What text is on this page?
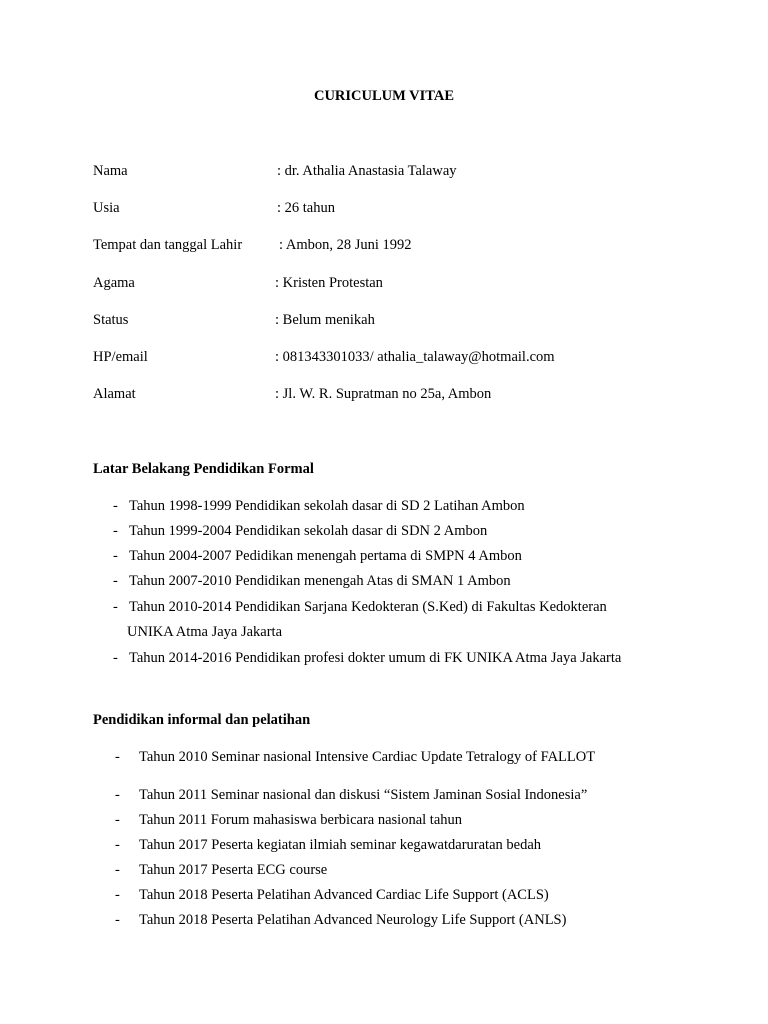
CURICULUM VITAE
Nama	: dr. Athalia Anastasia Talaway
Usia	: 26 tahun
Tempat dan tanggal Lahir	: Ambon, 28 Juni 1992
Agama	: Kristen Protestan
Status	: Belum menikah
HP/email	: 081343301033/ athalia_talaway@hotmail.com
Alamat	: Jl. W. R. Supratman no 25a, Ambon
Latar Belakang Pendidikan Formal
- Tahun 1998-1999 Pendidikan sekolah dasar di SD 2 Latihan Ambon
- Tahun 1999-2004 Pendidikan sekolah dasar di SDN 2 Ambon
- Tahun 2004-2007 Pedidikan menengah pertama di SMPN 4 Ambon
- Tahun 2007-2010 Pendidikan menengah Atas di SMAN 1 Ambon
- Tahun 2010-2014 Pendidikan Sarjana Kedokteran (S.Ked) di Fakultas Kedokteran
UNIKA Atma Jaya Jakarta
- Tahun 2014-2016 Pendidikan profesi dokter umum di FK UNIKA Atma Jaya Jakarta
Pendidikan informal dan pelatihan
- Tahun 2010 Seminar nasional Intensive Cardiac Update Tetralogy of FALLOT
- Tahun 2011 Seminar nasional dan diskusi “Sistem Jaminan Sosial Indonesia”
- Tahun 2011 Forum mahasiswa berbicara nasional tahun
- Tahun 2017 Peserta kegiatan ilmiah seminar kegawatdaruratan bedah
- Tahun 2017 Peserta ECG course
- Tahun 2018 Peserta Pelatihan Advanced Cardiac Life Support (ACLS)
- Tahun 2018 Peserta Pelatihan Advanced Neurology Life Support (ANLS)
